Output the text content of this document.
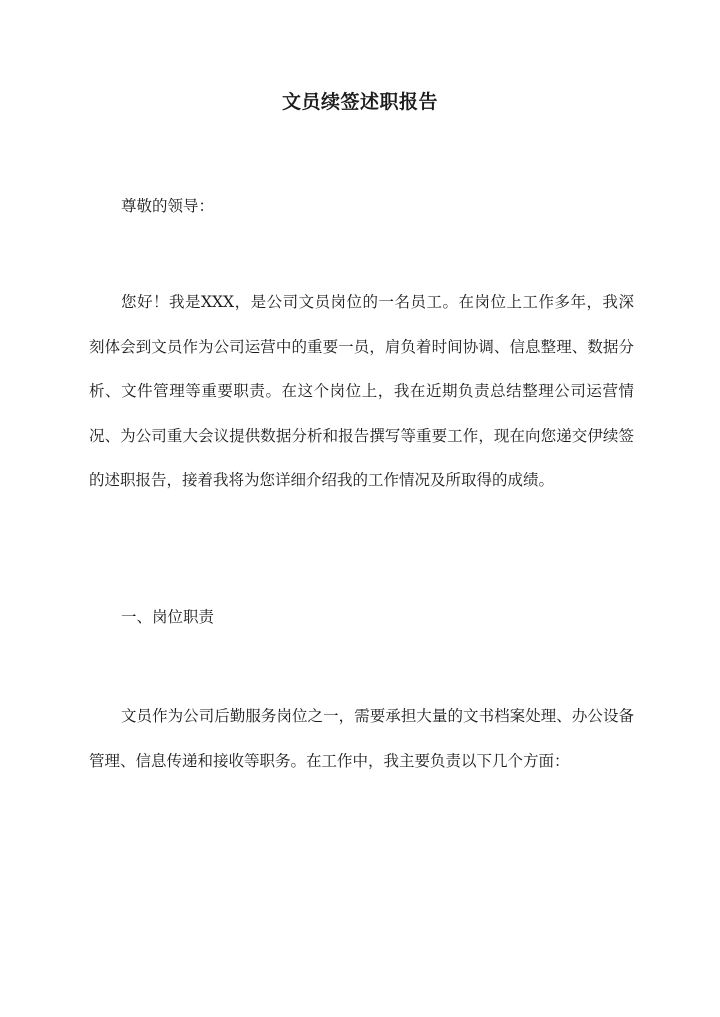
文员续签述职报告
尊敬的领导：

您好！我是XXX，是公司文员岗位的一名员工。在岗位上工作多年，我深刻体会到文员作为公司运营中的重要一员，肩负着时间协调、信息整理、数据分析、文件管理等重要职责。在这个岗位上，我在近期负责总结整理公司运营情况、为公司重大会议提供数据分析和报告撰写等重要工作，现在向您递交伊续签的述职报告，接着我将为您详细介绍我的工作情况及所取得的成绩。

一、岗位职责

文员作为公司后勤服务岗位之一，需要承担大量的文书档案处理、办公设备管理、信息传递和接收等职务。在工作中，我主要负责以下几个方面：
